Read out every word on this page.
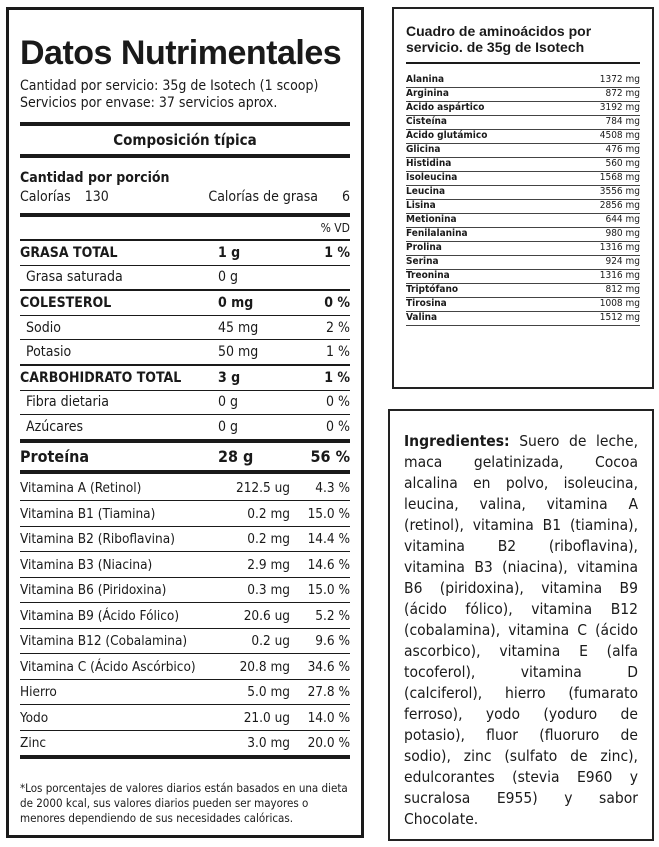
Datos Nutrimentales
Cantidad por servicio: 35g de Isotech (1 scoop)
Servicios por envase: 37 servicios aprox.
Composición típica
Cantidad por porción
Calorías 130	Calorías de grasa	6
% VD
GRASA TOTAL	1 g	1 %
Grasa saturada	0 g
COLESTEROL	0 mg	0 %
Sodio	45 mg	2 %
Potasio	50 mg	1 %
CARBOHIDRATO TOTAL	3 g	1 %
Fibra dietaria	0 g	0 %
Azúcares	0 g	0 %
Proteína	28 g	56 %
Vitamina A (Retinol)	212.5 ug	4.3 %
Vitamina B1 (Tiamina)	0.2 mg	15.0 %
Vitamina B2 (Riboflavina)	0.2 mg	14.4 %
Vitamina B3 (Niacina)	2.9 mg	14.6 %
Vitamina B6 (Piridoxina)	0.3 mg	15.0 %
Vitamina B9 (Ácido Fólico)	20.6 ug	5.2 %
Vitamina B12 (Cobalamina)	0.2 ug	9.6 %
Vitamina C (Ácido Ascórbico)	20.8 mg	34.6 %
Hierro	5.0 mg	27.8 %
Yodo	21.0 ug	14.0 %
Zinc	3.0 mg	20.0 %
*Los porcentajes de valores diarios están basados en una dieta de 2000 kcal, sus valores diarios pueden ser mayores o menores dependiendo de sus necesidades calóricas.
Cuadro de aminoácidos por servicio. de 35g de Isotech
Alanina	1372 mg
Arginina	872 mg
Ácido aspártico	3192 mg
Cisteína	784 mg
Ácido glutámico	4508 mg
Glicina	476 mg
Histidina	560 mg
Isoleucina	1568 mg
Leucina	3556 mg
Lisina	2856 mg
Metionina	644 mg
Fenilalanina	980 mg
Prolina	1316 mg
Serina	924 mg
Treonina	1316 mg
Triptófano	812 mg
Tirosina	1008 mg
Valina	1512 mg
Ingredientes: Suero de leche, maca gelatinizada, Cocoa alcalina en polvo, isoleucina, leucina, valina, vitamina A (retinol), vitamina B1 (tiamina), vitamina B2 (riboflavina), vitamina B3 (niacina), vitamina B6 (piridoxina), vitamina B9 (ácido fólico), vitamina B12 (cobalamina), vitamina C (ácido ascorbico), vitamina E (alfa tocoferol), vitamina D (calciferol), hierro (fumarato ferroso), yodo (yoduro de potasio), fluor (fluoruro de sodio), zinc (sulfato de zinc), edulcorantes (stevia E960 y sucralosa E955) y sabor Chocolate.
